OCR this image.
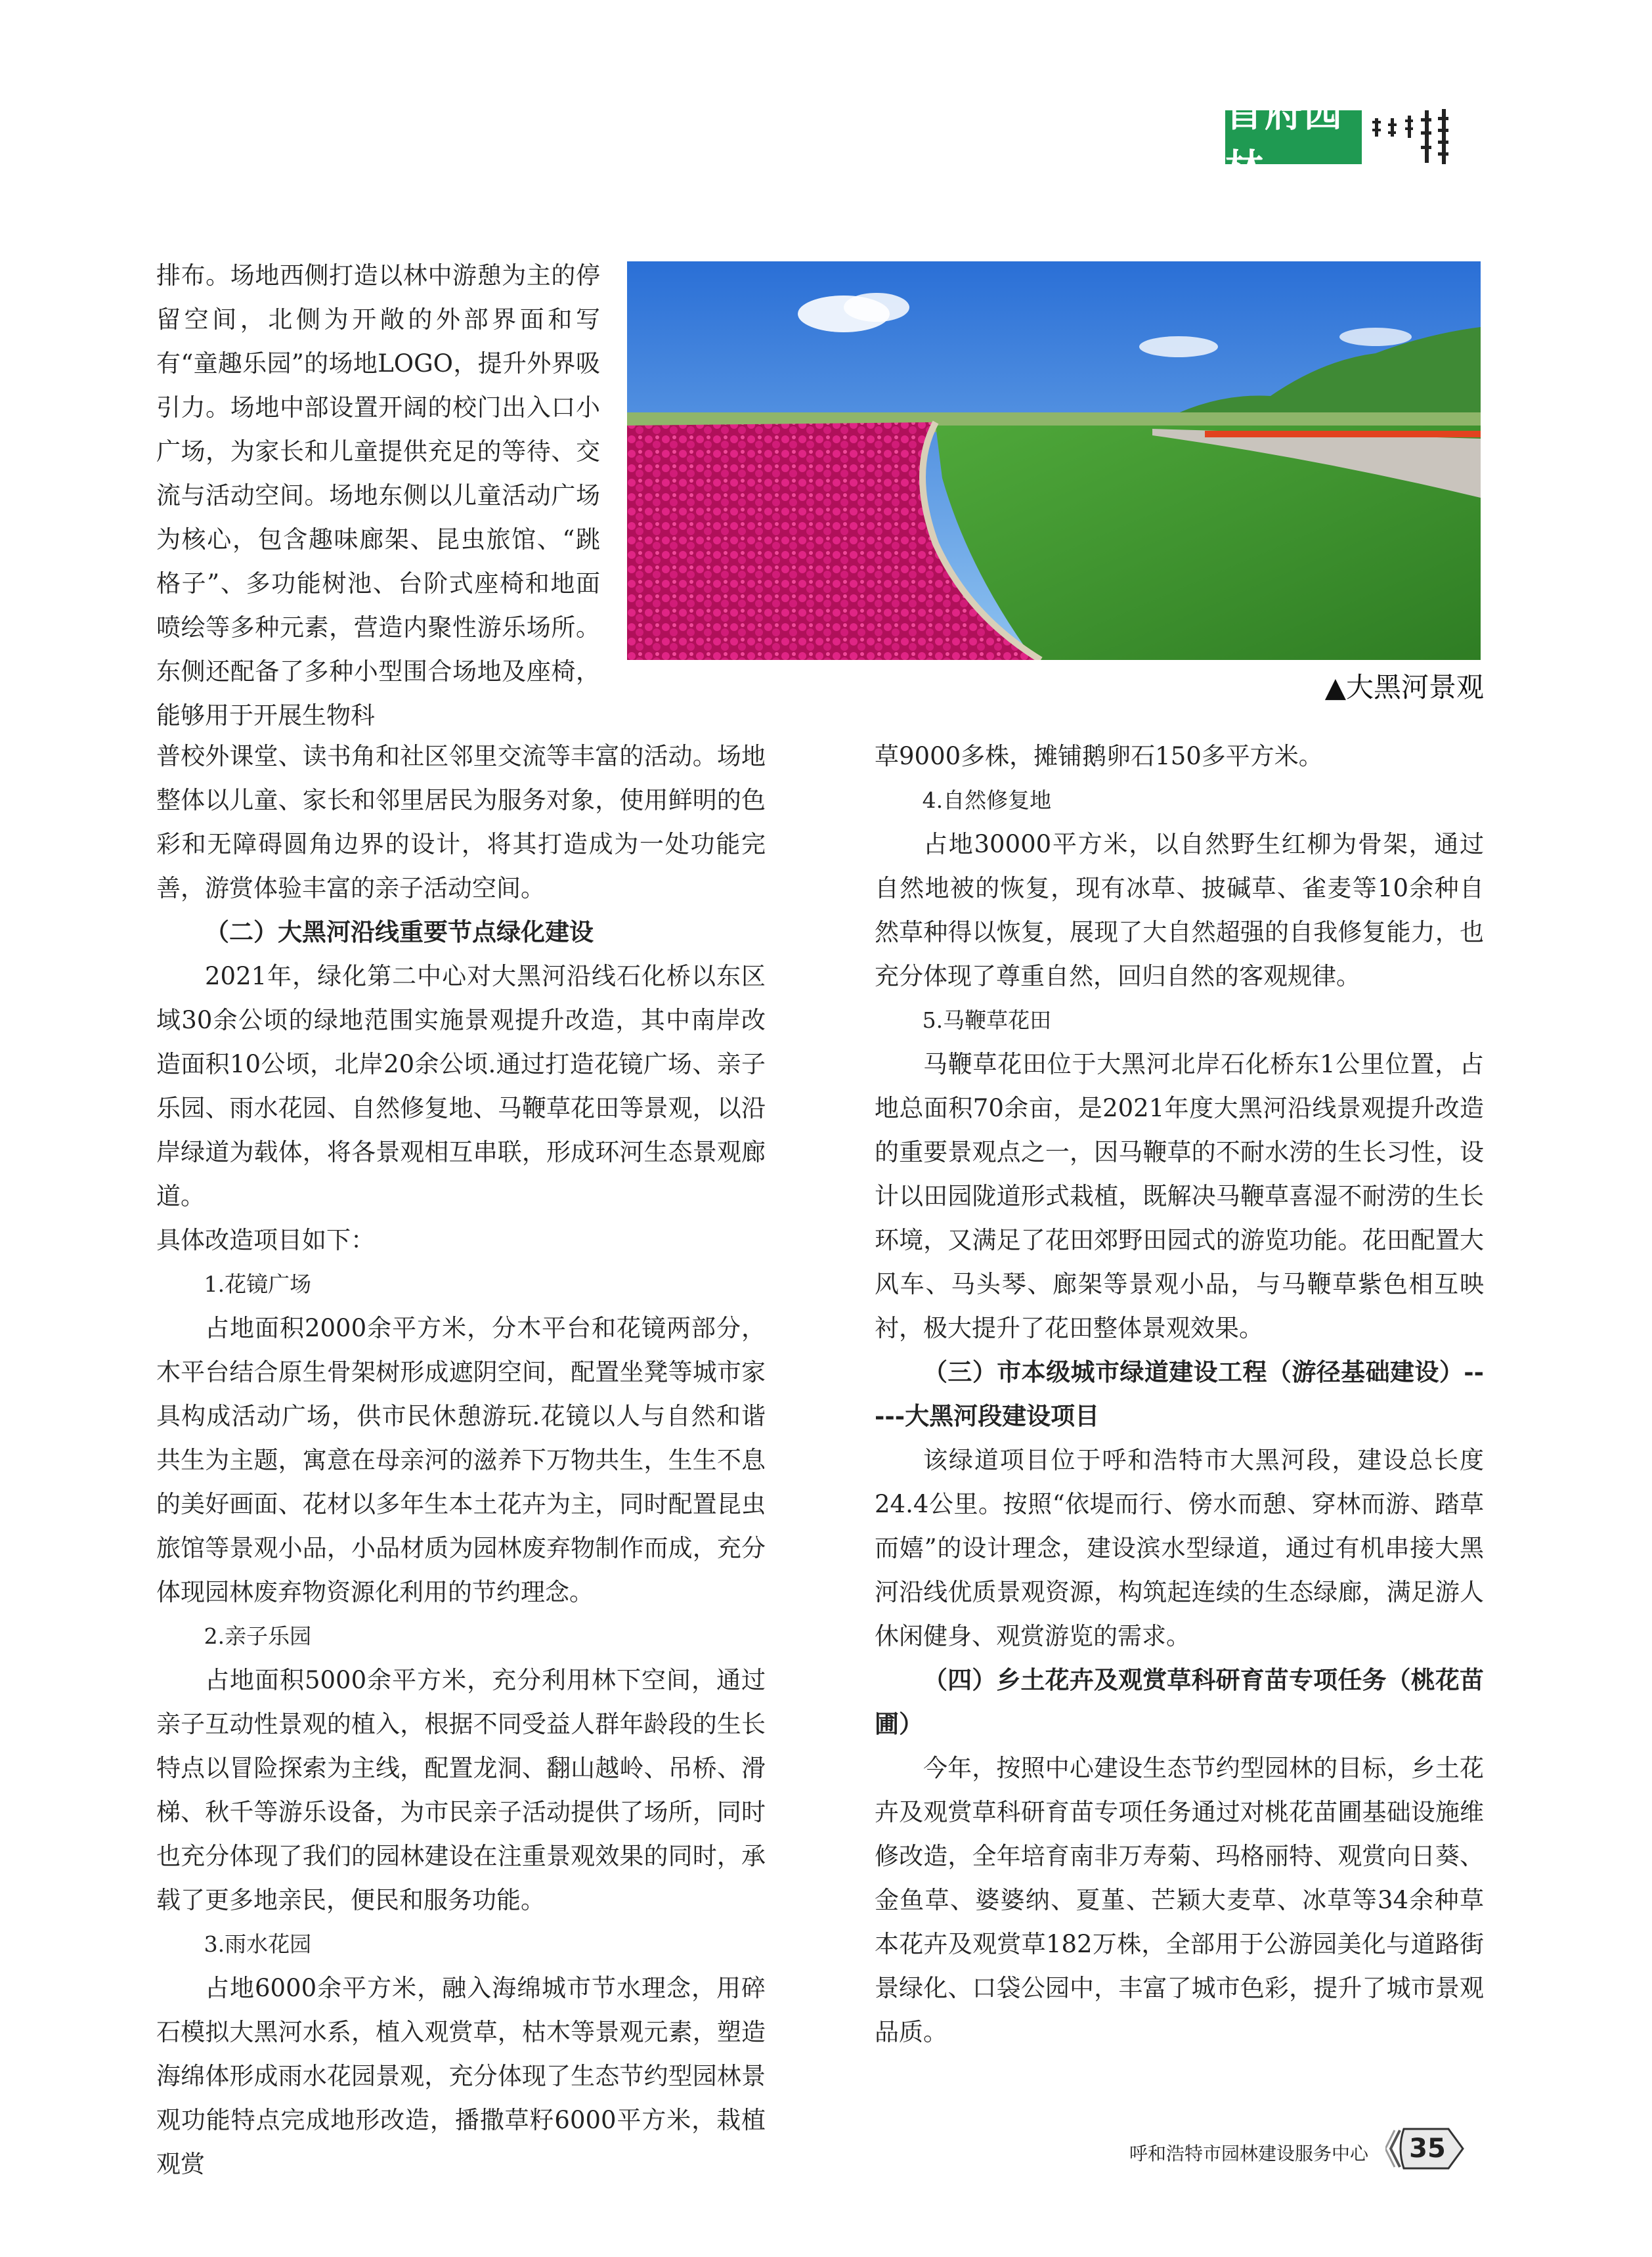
首府园林

排布。场地西侧打造以林中游憩为主的停留空间，北侧为开敞的外部界面和写有“童趣乐园”的场地LOGO，提升外界吸引力。场地中部设置开阔的校门出入口小广场，为家长和儿童提供充足的等待、交流与活动空间。场地东侧以儿童活动广场为核心，包含趣味廊架、昆虫旅馆、“跳格子”、多功能树池、台阶式座椅和地面喷绘等多种元素，营造内聚性游乐场所。东侧还配备了多种小型围合场地及座椅，能够用于开展生物科

▲大黑河景观

普校外课堂、读书角和社区邻里交流等丰富的活动。场地整体以儿童、家长和邻里居民为服务对象，使用鲜明的色彩和无障碍圆角边界的设计，将其打造成为一处功能完善，游赏体验丰富的亲子活动空间。

（二）大黑河沿线重要节点绿化建设

2021年，绿化第二中心对大黑河沿线石化桥以东区域30余公顷的绿地范围实施景观提升改造，其中南岸改造面积10公顷，北岸20余公顷.通过打造花镜广场、亲子乐园、雨水花园、自然修复地、马鞭草花田等景观，以沿岸绿道为载体，将各景观相互串联，形成环河生态景观廊道。

具体改造项目如下：

1.花镜广场

占地面积2000余平方米，分木平台和花镜两部分，木平台结合原生骨架树形成遮阴空间，配置坐凳等城市家具构成活动广场，供市民休憩游玩.花镜以人与自然和谐共生为主题，寓意在母亲河的滋养下万物共生，生生不息的美好画面、花材以多年生本土花卉为主，同时配置昆虫旅馆等景观小品，小品材质为园林废弃物制作而成，充分体现园林废弃物资源化利用的节约理念。

2.亲子乐园

占地面积5000余平方米，充分利用林下空间，通过亲子互动性景观的植入，根据不同受益人群年龄段的生长特点以冒险探索为主线，配置龙洞、翻山越岭、吊桥、滑梯、秋千等游乐设备，为市民亲子活动提供了场所，同时也充分体现了我们的园林建设在注重景观效果的同时，承载了更多地亲民，便民和服务功能。

3.雨水花园

占地6000余平方米，融入海绵城市节水理念，用碎石模拟大黑河水系，植入观赏草，枯木等景观元素，塑造海绵体形成雨水花园景观，充分体现了生态节约型园林景观功能特点完成地形改造，播撒草籽6000平方米，栽植观赏

草9000多株，摊铺鹅卵石150多平方米。

4.自然修复地

占地30000平方米，以自然野生红柳为骨架，通过自然地被的恢复，现有冰草、披碱草、雀麦等10余种自然草种得以恢复，展现了大自然超强的自我修复能力，也充分体现了尊重自然，回归自然的客观规律。

5.马鞭草花田

马鞭草花田位于大黑河北岸石化桥东1公里位置，占地总面积70余亩，是2021年度大黑河沿线景观提升改造的重要景观点之一，因马鞭草的不耐水涝的生长习性，设计以田园陇道形式栽植，既解决马鞭草喜湿不耐涝的生长环境，又满足了花田郊野田园式的游览功能。花田配置大风车、马头琴、廊架等景观小品，与马鞭草紫色相互映衬，极大提升了花田整体景观效果。

（三）市本级城市绿道建设工程（游径基础建设）-----大黑河段建设项目

该绿道项目位于呼和浩特市大黑河段，建设总长度24.4公里。按照“依堤而行、傍水而憩、穿林而游、踏草而嬉”的设计理念，建设滨水型绿道，通过有机串接大黑河沿线优质景观资源，构筑起连续的生态绿廊，满足游人休闲健身、观赏游览的需求。

（四）乡土花卉及观赏草科研育苗专项任务（桃花苗圃）

今年，按照中心建设生态节约型园林的目标，乡土花卉及观赏草科研育苗专项任务通过对桃花苗圃基础设施维修改造，全年培育南非万寿菊、玛格丽特、观赏向日葵、金鱼草、婆婆纳、夏堇、芒颖大麦草、冰草等34余种草本花卉及观赏草182万株，全部用于公游园美化与道路街景绿化、口袋公园中，丰富了城市色彩，提升了城市景观品质。

呼和浩特市园林建设服务中心	35
